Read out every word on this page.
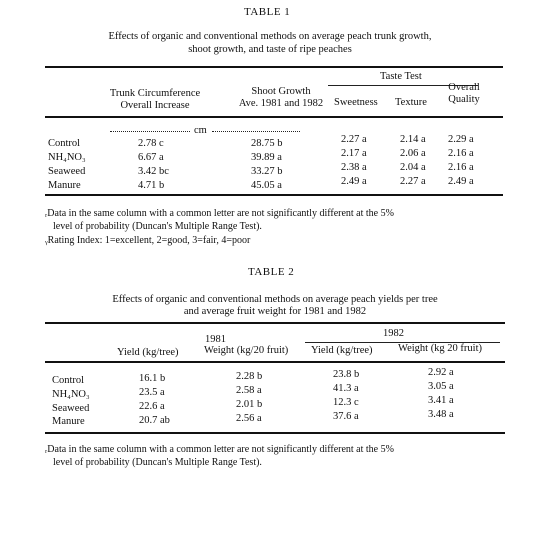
TABLE 1
Effects of organic and conventional methods on average peach trunk growth,
shoot growth, and taste of ripe peaches
Taste Test
Trunk Circumference
Overall Increase
Shoot Growth
Ave. 1981 and 1982	Sweetness Texture
Overall
Quality
cm
Control
NH₄NO₃
Seaweed
Manure
2.78 c
6.67 a
3.42 bc
4.71 b
28.75 b
39.89 a
33.27 b
45.05 a
2.27 a
2.17 a
2.38 a
2.49 a
2.14 a
2.06 a
2.04 a
2.27 a
2.29 a
2.16 a
2.16 a
2.49 a
ᵣData in the same column with a common letter are not significantly different at the 5%
level of probability (Duncan's Multiple Range Test).
ᵧRating Index: 1=excellent, 2=good, 3=fair, 4=poor
TABLE 2
Effects of organic and conventional methods on average peach yields per tree
and average fruit weight for 1981 and 1982
1981
1982
Yield (kg/tree) Weight (kg/20 fruit) Yield (kg/tree) Weight (kg 20 fruit)
Control
NH₄NO₃
Seaweed
Manure
16.1 b
23.5 a
22.6 a
20.7 ab
2.28 b
2.58 a
2.01 b
2.56 a
23.8 b
41.3 a
12.3 c
37.6 a
2.92 a
3.05 a
3.41 a
3.48 a
ᵣData in the same column with a common letter are not significantly different at the 5%
level of probability (Duncan's Multiple Range Test).
